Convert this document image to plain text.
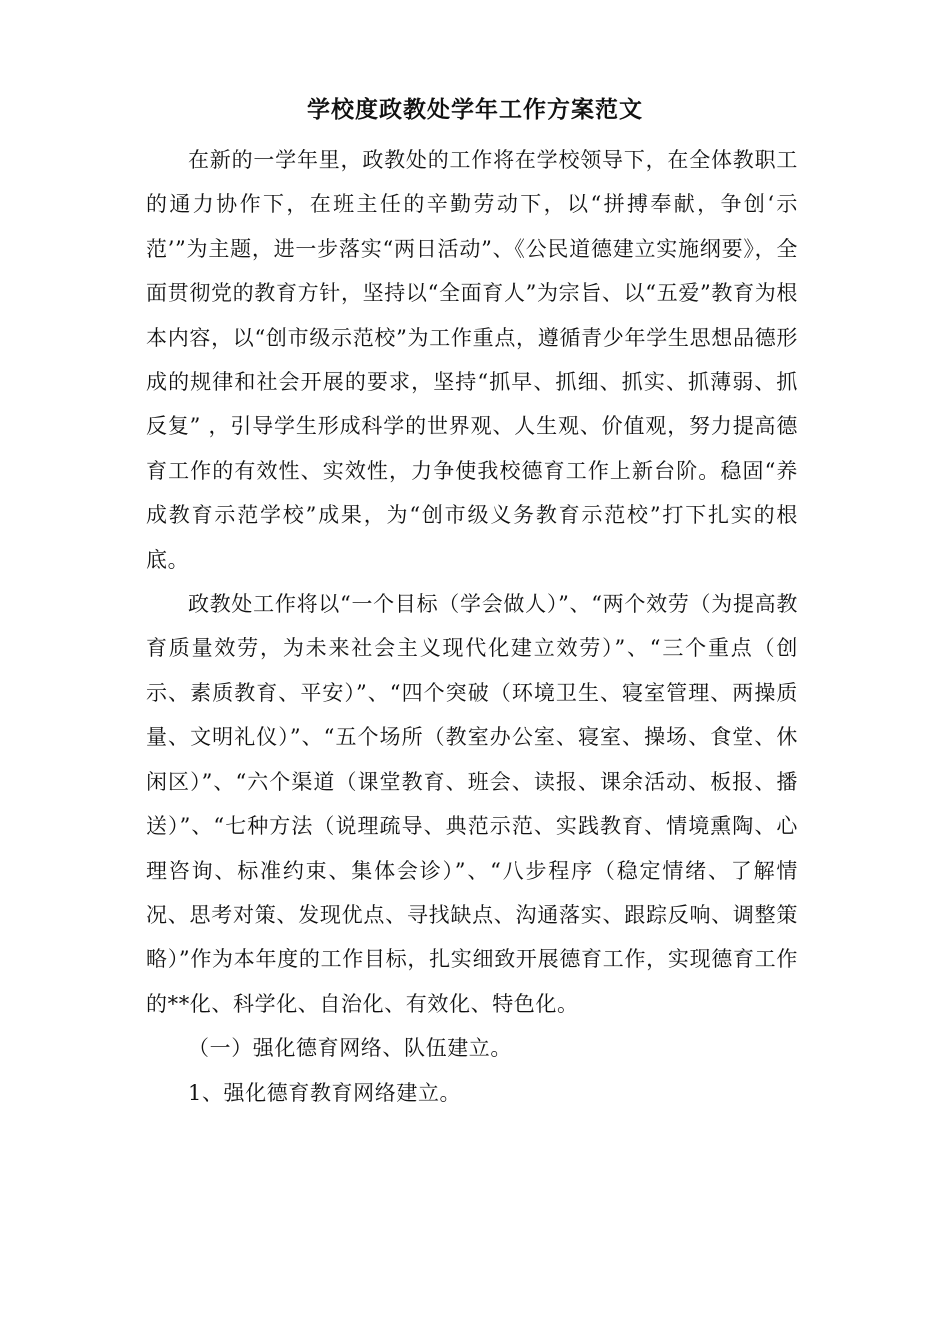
学校度政教处学年工作方案范文

在新的一学年里，政教处的工作将在学校领导下，在全体教职工的通力协作下，在班主任的辛勤劳动下，以“拼搏奉献，争创‘示范’”为主题，进一步落实“两日活动”、《公民道德建立实施纲要》，全面贯彻党的教育方针，坚持以“全面育人”为宗旨、以“五爱”教育为根本内容，以“创市级示范校”为工作重点，遵循青少年学生思想品德形成的规律和社会开展的要求，坚持“抓早、抓细、抓实、抓薄弱、抓反复” ，引导学生形成科学的世界观、人生观、价值观，努力提高德育工作的有效性、实效性，力争使我校德育工作上新台阶。稳固“养成教育示范学校”成果，为“创市级义务教育示范校”打下扎实的根底。

政教处工作将以“一个目标（学会做人）”、“两个效劳（为提高教育质量效劳，为未来社会主义现代化建立效劳）”、“三个重点（创示、素质教育、平安）”、“四个突破（环境卫生、寝室管理、两操质量、文明礼仪）”、“五个场所（教室办公室、寝室、操场、食堂、休闲区）”、“六个渠道（课堂教育、班会、读报、课余活动、板报、播送）”、“七种方法（说理疏导、典范示范、实践教育、情境熏陶、心理咨询、标准约束、集体会诊）”、“八步程序（稳定情绪、了解情况、思考对策、发现优点、寻找缺点、沟通落实、跟踪反响、调整策略）”作为本年度的工作目标，扎实细致开展德育工作，实现德育工作的**化、科学化、自治化、有效化、特色化。

（一）强化德育网络、队伍建立。

1、强化德育教育网络建立。
